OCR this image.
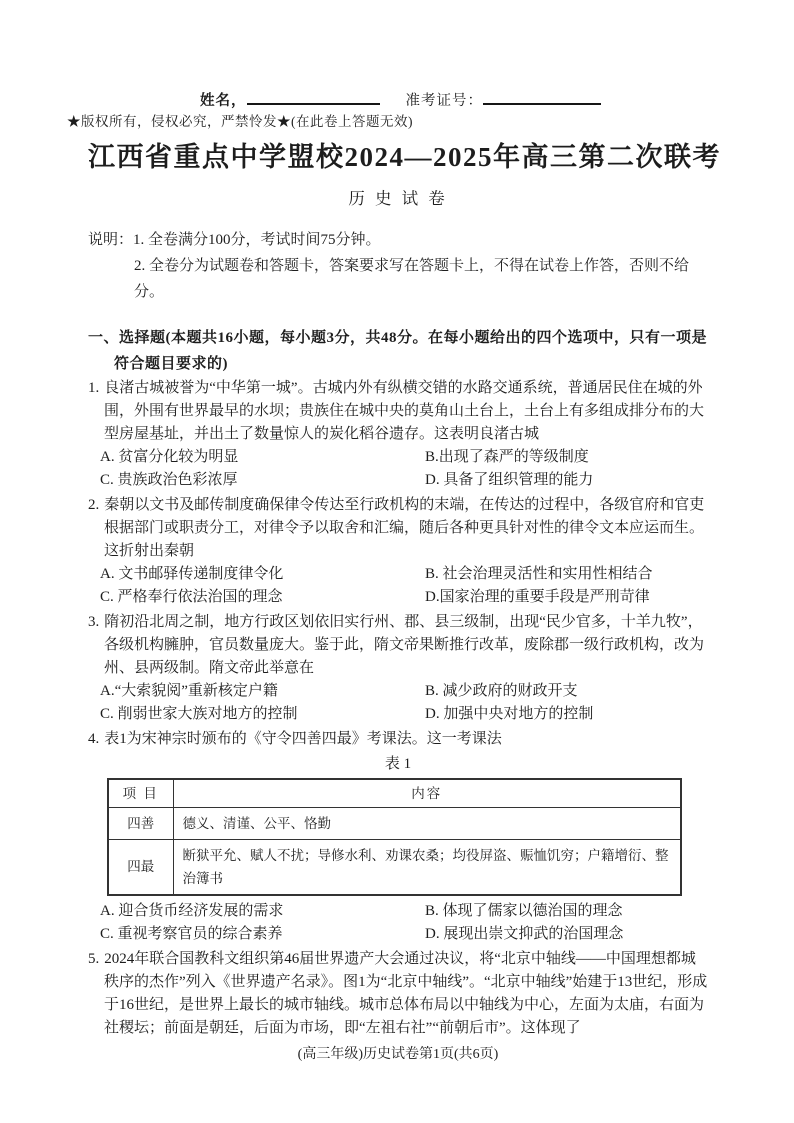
姓名，	准考证号：
★版权所有，侵权必究，严禁怜发★(在此卷上答题无效)
江西省重点中学盟校2024—2025年高三第二次联考
历 史 试 卷
说明：1. 全卷满分100分，考试时间75分钟。
2. 全卷分为试题卷和答题卡，答案要求写在答题卡上，不得在试卷上作答，否则不给分。
一、选择题(本题共16小题，每小题3分，共48分。在每小题给出的四个选项中，只有一项是符合题目要求的)
1. 良渚古城被誉为“中华第一城”。古城内外有纵横交错的水路交通系统，普通居民住在城的外围，外围有世界最早的水坝；贵族住在城中央的莫角山土台上，土台上有多组成排分布的大型房屋基址，并出土了数量惊人的炭化稻谷遗存。这表明良渚古城
A. 贫富分化较为明显	B.出现了森严的等级制度
C. 贵族政治色彩浓厚	D. 具备了组织管理的能力
2. 秦朝以文书及邮传制度确保律令传达至行政机构的末端，在传达的过程中，各级官府和官吏根据部门或职责分工，对律令予以取舍和汇编，随后各种更具针对性的律令文本应运而生。这折射出秦朝
A. 文书邮驿传递制度律令化	B. 社会治理灵活性和实用性相结合
C. 严格奉行依法治国的理念	D.国家治理的重要手段是严刑苛律
3. 隋初沿北周之制，地方行政区划依旧实行州、郡、县三级制，出现“民少官多，十羊九牧”，各级机构臃肿，官员数量庞大。鉴于此，隋文帝果断推行改革，废除郡一级行政机构，改为州、县两级制。隋文帝此举意在
A.“大索貌阅”重新核定户籍	B. 减少政府的财政开支
C. 削弱世家大族对地方的控制	D. 加强中央对地方的控制
4. 表1为宋神宗时颁布的《守令四善四最》考课法。这一考课法
表 1
项 目	内容
四善	德义、清谨、公平、恪勤
四最	断狱平允、赋人不扰；导修水利、劝课农桑；均役屏盗、赈恤饥穷；户籍增衍、整治簿书
A. 迎合货币经济发展的需求	B. 体现了儒家以德治国的理念
C. 重视考察官员的综合素养	D. 展现出崇文抑武的治国理念
5. 2024年联合国教科文组织第46届世界遗产大会通过决议，将“北京中轴线——中国理想都城秩序的杰作”列入《世界遗产名录》。图1为“北京中轴线”。“北京中轴线”始建于13世纪，形成于16世纪，是世界上最长的城市轴线。城市总体布局以中轴线为中心，左面为太庙，右面为社稷坛；前面是朝廷，后面为市场，即“左祖右社”“前朝后市”。这体现了
(高三年级)历史试卷第1页(共6页)
